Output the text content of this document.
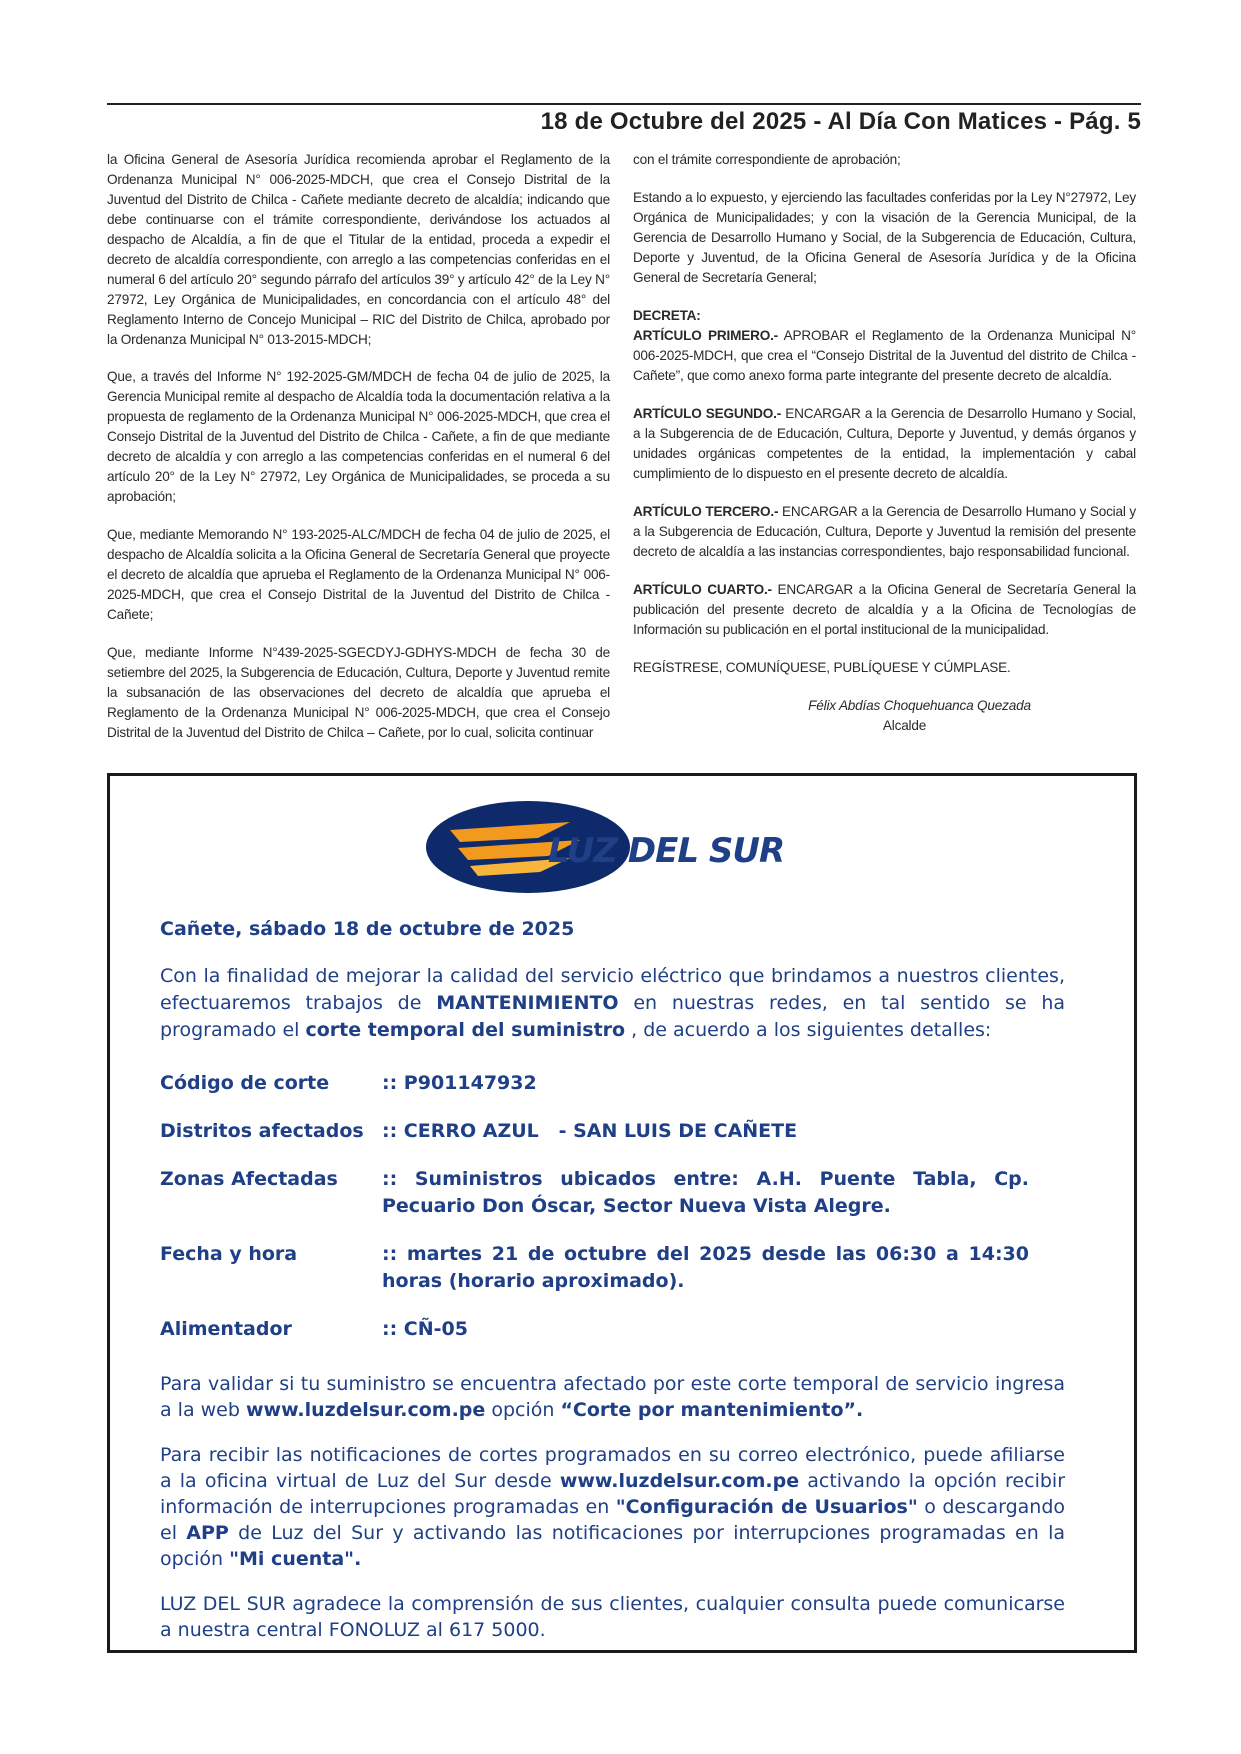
18 de Octubre del 2025 - Al Día Con Matices - Pág. 5

la Oficina General de Asesoría Jurídica recomienda aprobar el Reglamento de la Ordenanza Municipal N° 006-2025-MDCH, que crea el Consejo Distrital de la Juventud del Distrito de Chilca - Cañete mediante decreto de alcaldía; indicando que debe continuarse con el trámite correspondiente, derivándose los actuados al despacho de Alcaldía, a fin de que el Titular de la entidad, proceda a expedir el decreto de alcaldía correspondiente, con arreglo a las competencias conferidas en el numeral 6 del artículo 20° segundo párrafo del artículos 39° y artículo 42° de la Ley N° 27972, Ley Orgánica de Municipalidades, en concordancia con el artículo 48° del Reglamento Interno de Concejo Municipal – RIC del Distrito de Chilca, aprobado por la Ordenanza Municipal N° 013-2015-MDCH;

Que, a través del Informe N° 192-2025-GM/MDCH de fecha 04 de julio de 2025, la Gerencia Municipal remite al despacho de Alcaldía toda la documentación relativa a la propuesta de reglamento de la Ordenanza Municipal N° 006-2025-MDCH, que crea el Consejo Distrital de la Juventud del Distrito de Chilca - Cañete, a fin de que mediante decreto de alcaldía y con arreglo a las competencias conferidas en el numeral 6 del artículo 20° de la Ley N° 27972, Ley Orgánica de Municipalidades, se proceda a su aprobación;

Que, mediante Memorando N° 193-2025-ALC/MDCH de fecha 04 de julio de 2025, el despacho de Alcaldía solicita a la Oficina General de Secretaría General que proyecte el decreto de alcaldía que aprueba el Reglamento de la Ordenanza Municipal N° 006-2025-MDCH, que crea el Consejo Distrital de la Juventud del Distrito de Chilca - Cañete;

Que, mediante Informe N°439-2025-SGECDYJ-GDHYS-MDCH de fecha 30 de setiembre del 2025, la Subgerencia de Educación, Cultura, Deporte y Juventud remite la subsanación de las observaciones del decreto de alcaldía que aprueba el Reglamento de la Ordenanza Municipal N° 006-2025-MDCH, que crea el Consejo Distrital de la Juventud del Distrito de Chilca – Cañete, por lo cual, solicita continuar

con el trámite correspondiente de aprobación;

Estando a lo expuesto, y ejerciendo las facultades conferidas por la Ley N°27972, Ley Orgánica de Municipalidades; y con la visación de la Gerencia Municipal, de la Gerencia de Desarrollo Humano y Social, de la Subgerencia de Educación, Cultura, Deporte y Juventud, de la Oficina General de Asesoría Jurídica y de la Oficina General de Secretaría General;

DECRETA:

ARTÍCULO PRIMERO.- APROBAR el Reglamento de la Ordenanza Municipal N° 006-2025-MDCH, que crea el “Consejo Distrital de la Juventud del distrito de Chilca - Cañete”, que como anexo forma parte integrante del presente decreto de alcaldía.

ARTÍCULO SEGUNDO.- ENCARGAR a la Gerencia de Desarrollo Humano y Social, a la Subgerencia de de Educación, Cultura, Deporte y Juventud, y demás órganos y unidades orgánicas competentes de la entidad, la implementación y cabal cumplimiento de lo dispuesto en el presente decreto de alcaldía.

ARTÍCULO TERCERO.- ENCARGAR a la Gerencia de Desarrollo Humano y Social y a la Subgerencia de Educación, Cultura, Deporte y Juventud la remisión del presente decreto de alcaldía a las instancias correspondientes, bajo responsabilidad funcional.

ARTÍCULO CUARTO.- ENCARGAR a la Oficina General de Secretaría General la publicación del presente decreto de alcaldía y a la Oficina de Tecnologías de Información su publicación en el portal institucional de la municipalidad.

REGÍSTRESE, COMUNÍQUESE, PUBLÍQUESE Y CÚMPLASE.

Félix Abdías Choquehuanca Quezada

Alcalde

LUZ DEL SUR

Cañete, sábado 18 de octubre de 2025

Con la finalidad de mejorar la calidad del servicio eléctrico que brindamos a nuestros clientes, efectuaremos trabajos de MANTENIMIENTO en nuestras redes, en tal sentido se ha programado el corte temporal del suministro , de acuerdo a los siguientes detalles:

Código de corte	:: P901147932
Distritos afectados :: CERRO AZUL   - SAN LUIS DE CAÑETE
Zonas Afectadas	:: Suministros ubicados entre: A.H. Puente Tabla, Cp. Pecuario Don Óscar, Sector Nueva Vista Alegre.
Fecha y hora	:: martes 21 de octubre del 2025 desde las 06:30 a 14:30 horas (horario aproximado).
Alimentador	:: CÑ-05

Para validar si tu suministro se encuentra afectado por este corte temporal de servicio ingresa a la web www.luzdelsur.com.pe opción “Corte por mantenimiento”.

Para recibir las notificaciones de cortes programados en su correo electrónico, puede afiliarse a la oficina virtual de Luz del Sur desde www.luzdelsur.com.pe activando la opción recibir información de interrupciones programadas en "Configuración de Usuarios" o descargando el APP de Luz del Sur y activando las notificaciones por interrupciones programadas en la opción "Mi cuenta".

LUZ DEL SUR agradece la comprensión de sus clientes, cualquier consulta puede comunicarse a nuestra central FONOLUZ al 617 5000.
